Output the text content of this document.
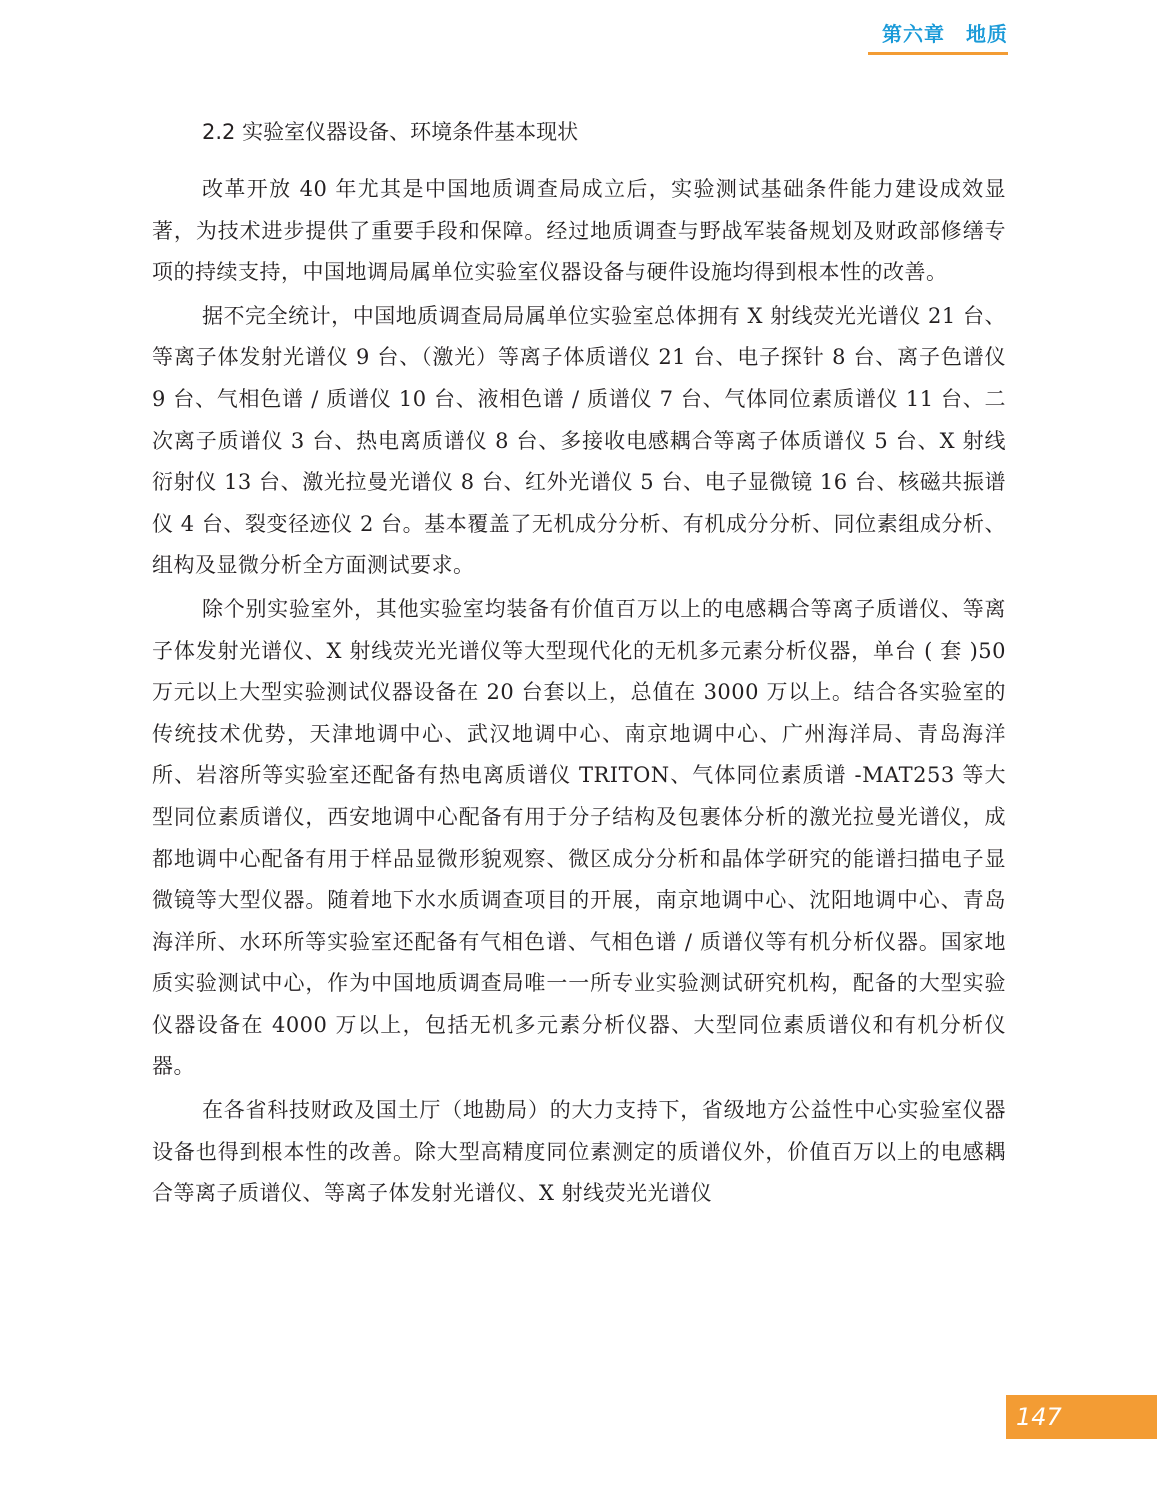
第六章　地质
2.2 实验室仪器设备、环境条件基本现状

改革开放 40 年尤其是中国地质调查局成立后，实验测试基础条件能力建设成效显著，为技术进步提供了重要手段和保障。经过地质调查与野战军装备规划及财政部修缮专项的持续支持，中国地调局属单位实验室仪器设备与硬件设施均得到根本性的改善。

据不完全统计，中国地质调查局局属单位实验室总体拥有 X 射线荧光光谱仪 21 台、等离子体发射光谱仪 9 台、（激光）等离子体质谱仪 21 台、电子探针 8 台、离子色谱仪 9 台、气相色谱 / 质谱仪 10 台、液相色谱 / 质谱仪 7 台、气体同位素质谱仪 11 台、二次离子质谱仪 3 台、热电离质谱仪 8 台、多接收电感耦合等离子体质谱仪 5 台、X 射线衍射仪 13 台、激光拉曼光谱仪 8 台、红外光谱仪 5 台、电子显微镜 16 台、核磁共振谱仪 4 台、裂变径迹仪 2 台。基本覆盖了无机成分分析、有机成分分析、同位素组成分析、组构及显微分析全方面测试要求。

除个别实验室外，其他实验室均装备有价值百万以上的电感耦合等离子质谱仪、等离子体发射光谱仪、X 射线荧光光谱仪等大型现代化的无机多元素分析仪器，单台 ( 套 )50 万元以上大型实验测试仪器设备在 20 台套以上，总值在 3000 万以上。结合各实验室的传统技术优势，天津地调中心、武汉地调中心、南京地调中心、广州海洋局、青岛海洋所、岩溶所等实验室还配备有热电离质谱仪 TRITON、气体同位素质谱 -MAT253 等大型同位素质谱仪，西安地调中心配备有用于分子结构及包裹体分析的激光拉曼光谱仪，成都地调中心配备有用于样品显微形貌观察、微区成分分析和晶体学研究的能谱扫描电子显微镜等大型仪器。随着地下水水质调查项目的开展，南京地调中心、沈阳地调中心、青岛海洋所、水环所等实验室还配备有气相色谱、气相色谱 / 质谱仪等有机分析仪器。国家地质实验测试中心，作为中国地质调查局唯一一所专业实验测试研究机构，配备的大型实验仪器设备在 4000 万以上，包括无机多元素分析仪器、大型同位素质谱仪和有机分析仪器。

在各省科技财政及国土厅（地勘局）的大力支持下，省级地方公益性中心实验室仪器设备也得到根本性的改善。除大型高精度同位素测定的质谱仪外，价值百万以上的电感耦合等离子质谱仪、等离子体发射光谱仪、X 射线荧光光谱仪

147
